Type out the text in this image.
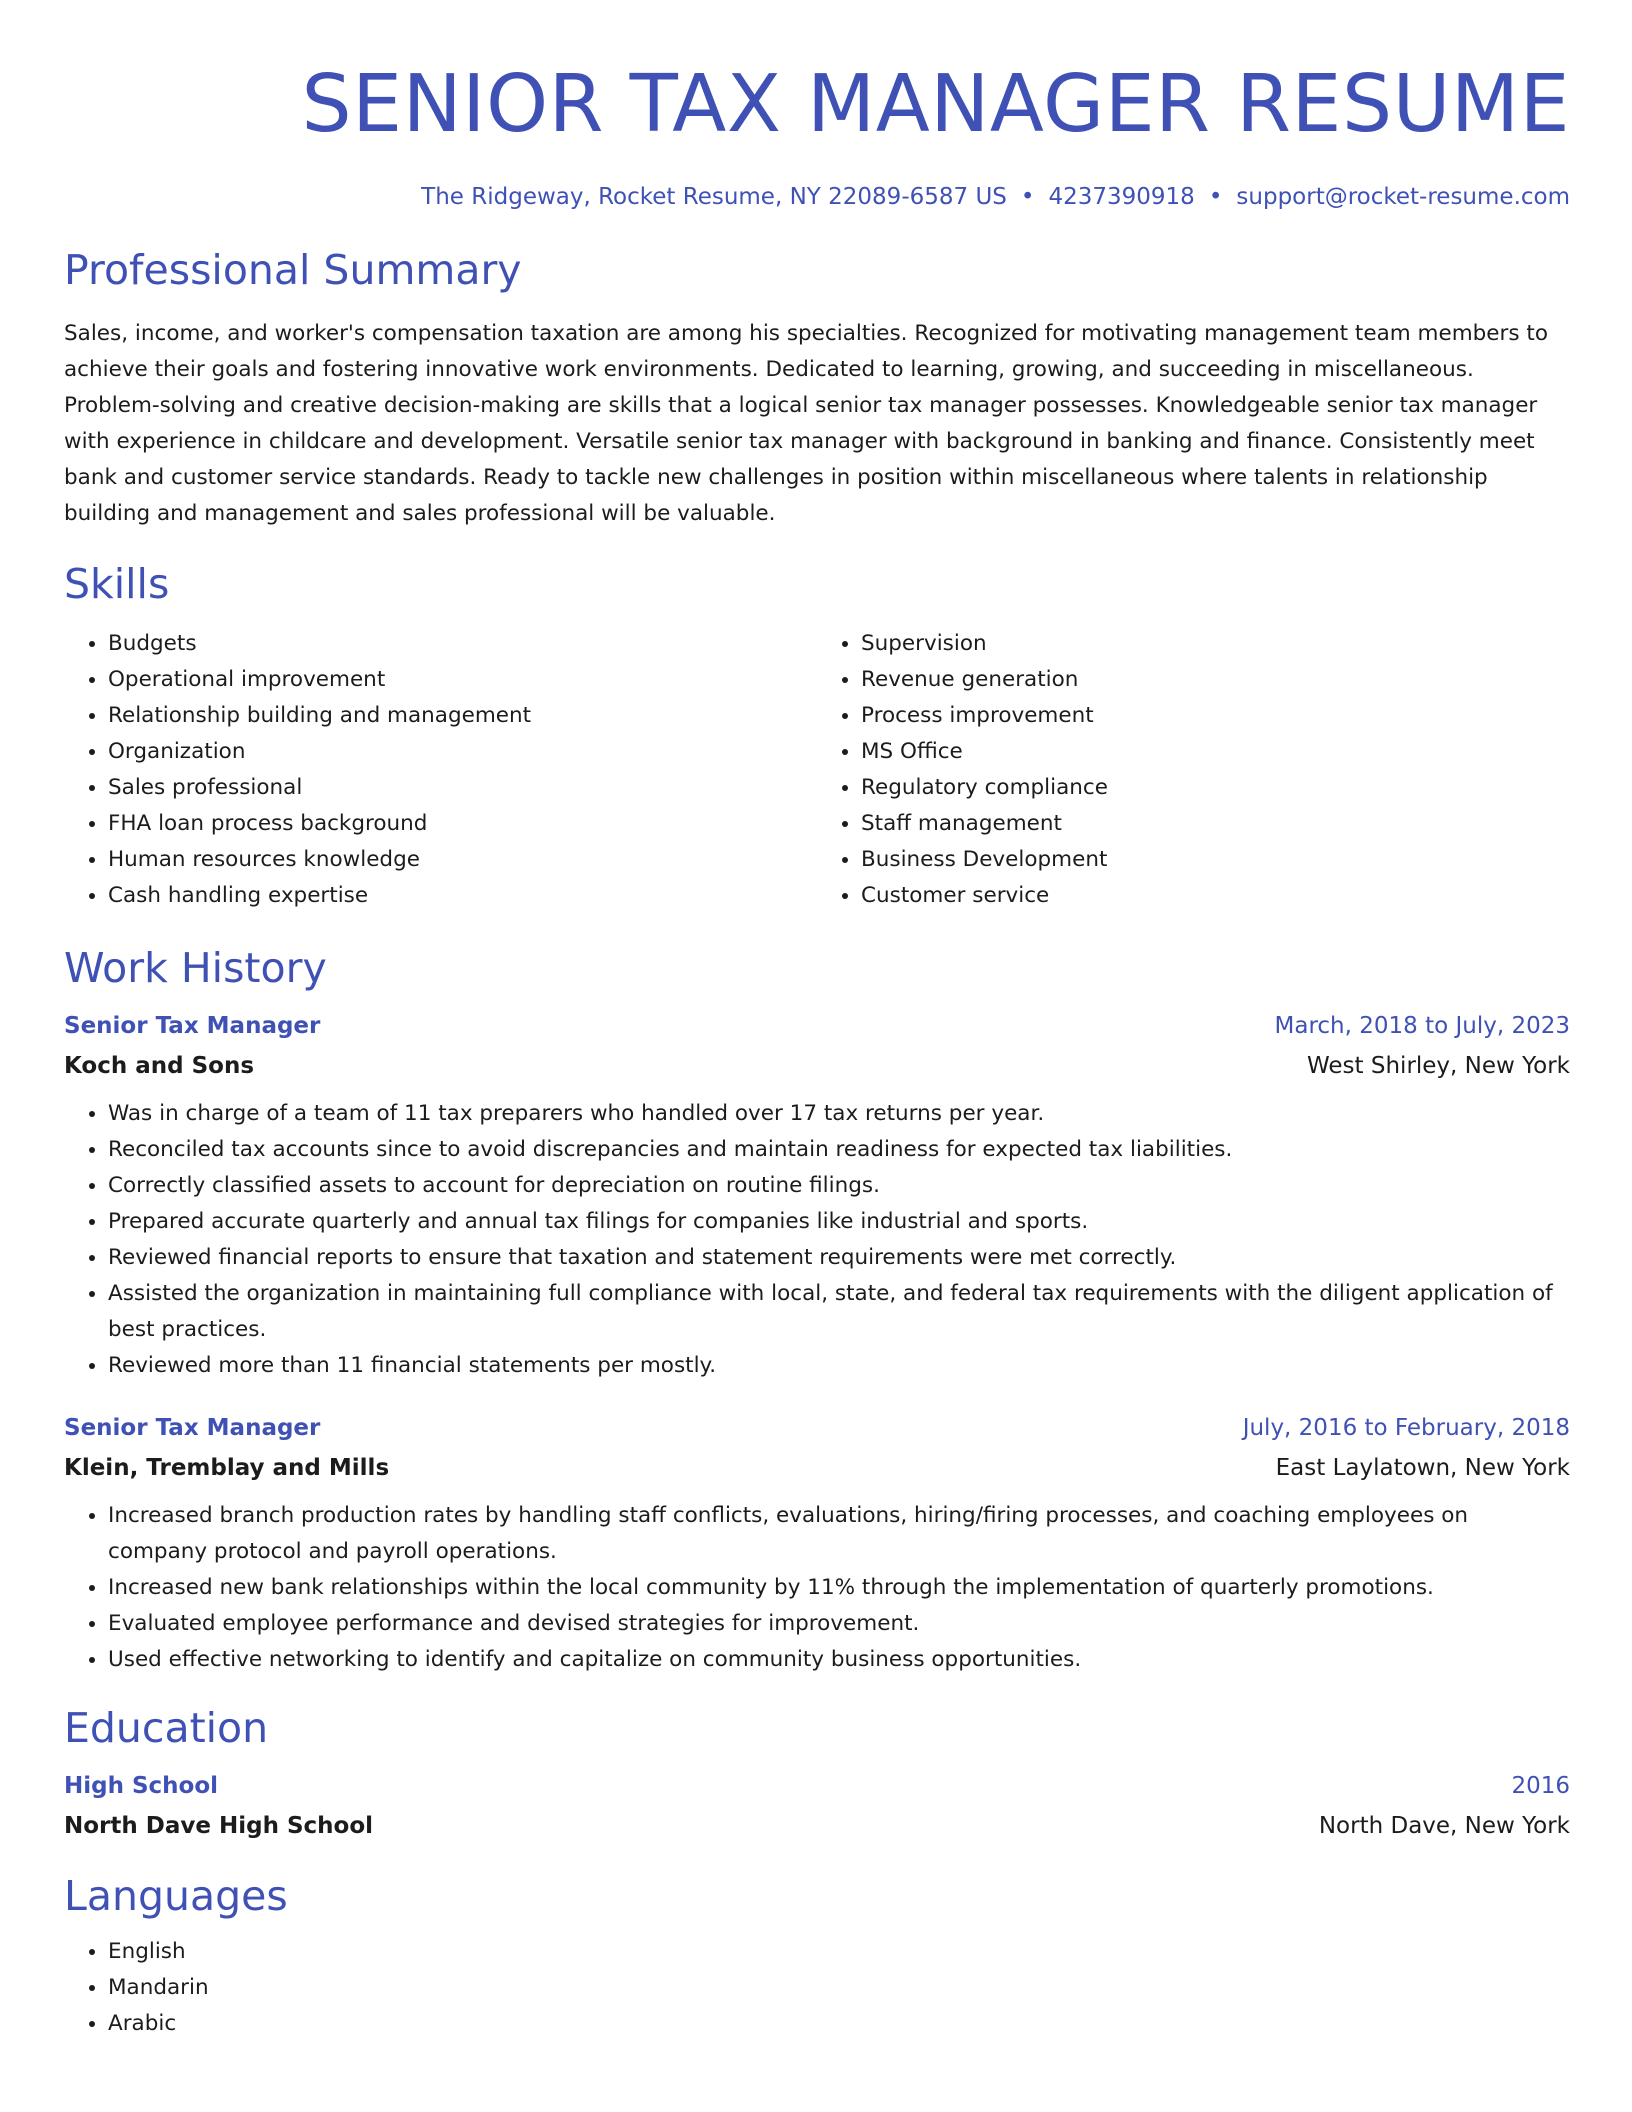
SENIOR TAX MANAGER RESUME
The Ridgeway, Rocket Resume, NY 22089-6587 US • 4237390918 • support@rocket-resume.com
Professional Summary
Sales, income, and worker's compensation taxation are among his specialties. Recognized for motivating management team members to achieve their goals and fostering innovative work environments. Dedicated to learning, growing, and succeeding in miscellaneous. Problem-solving and creative decision-making are skills that a logical senior tax manager possesses. Knowledgeable senior tax manager with experience in childcare and development. Versatile senior tax manager with background in banking and finance. Consistently meet bank and customer service standards. Ready to tackle new challenges in position within miscellaneous where talents in relationship building and management and sales professional will be valuable.
Skills
• Budgets
• Operational improvement
• Relationship building and management
• Organization
• Sales professional
• FHA loan process background
• Human resources knowledge
• Cash handling expertise
• Supervision
• Revenue generation
• Process improvement
• MS Office
• Regulatory compliance
• Staff management
• Business Development
• Customer service
Work History
Senior Tax Manager	March, 2018 to July, 2023
Koch and Sons	West Shirley, New York
• Was in charge of a team of 11 tax preparers who handled over 17 tax returns per year.
• Reconciled tax accounts since to avoid discrepancies and maintain readiness for expected tax liabilities.
• Correctly classified assets to account for depreciation on routine filings.
• Prepared accurate quarterly and annual tax filings for companies like industrial and sports.
• Reviewed financial reports to ensure that taxation and statement requirements were met correctly.
• Assisted the organization in maintaining full compliance with local, state, and federal tax requirements with the diligent application of best practices.
• Reviewed more than 11 financial statements per mostly.
Senior Tax Manager	July, 2016 to February, 2018
Klein, Tremblay and Mills	East Laylatown, New York
• Increased branch production rates by handling staff conflicts, evaluations, hiring/firing processes, and coaching employees on company protocol and payroll operations.
• Increased new bank relationships within the local community by 11% through the implementation of quarterly promotions.
• Evaluated employee performance and devised strategies for improvement.
• Used effective networking to identify and capitalize on community business opportunities.
Education
High School	2016
North Dave High School	North Dave, New York
Languages
• English
• Mandarin
• Arabic
